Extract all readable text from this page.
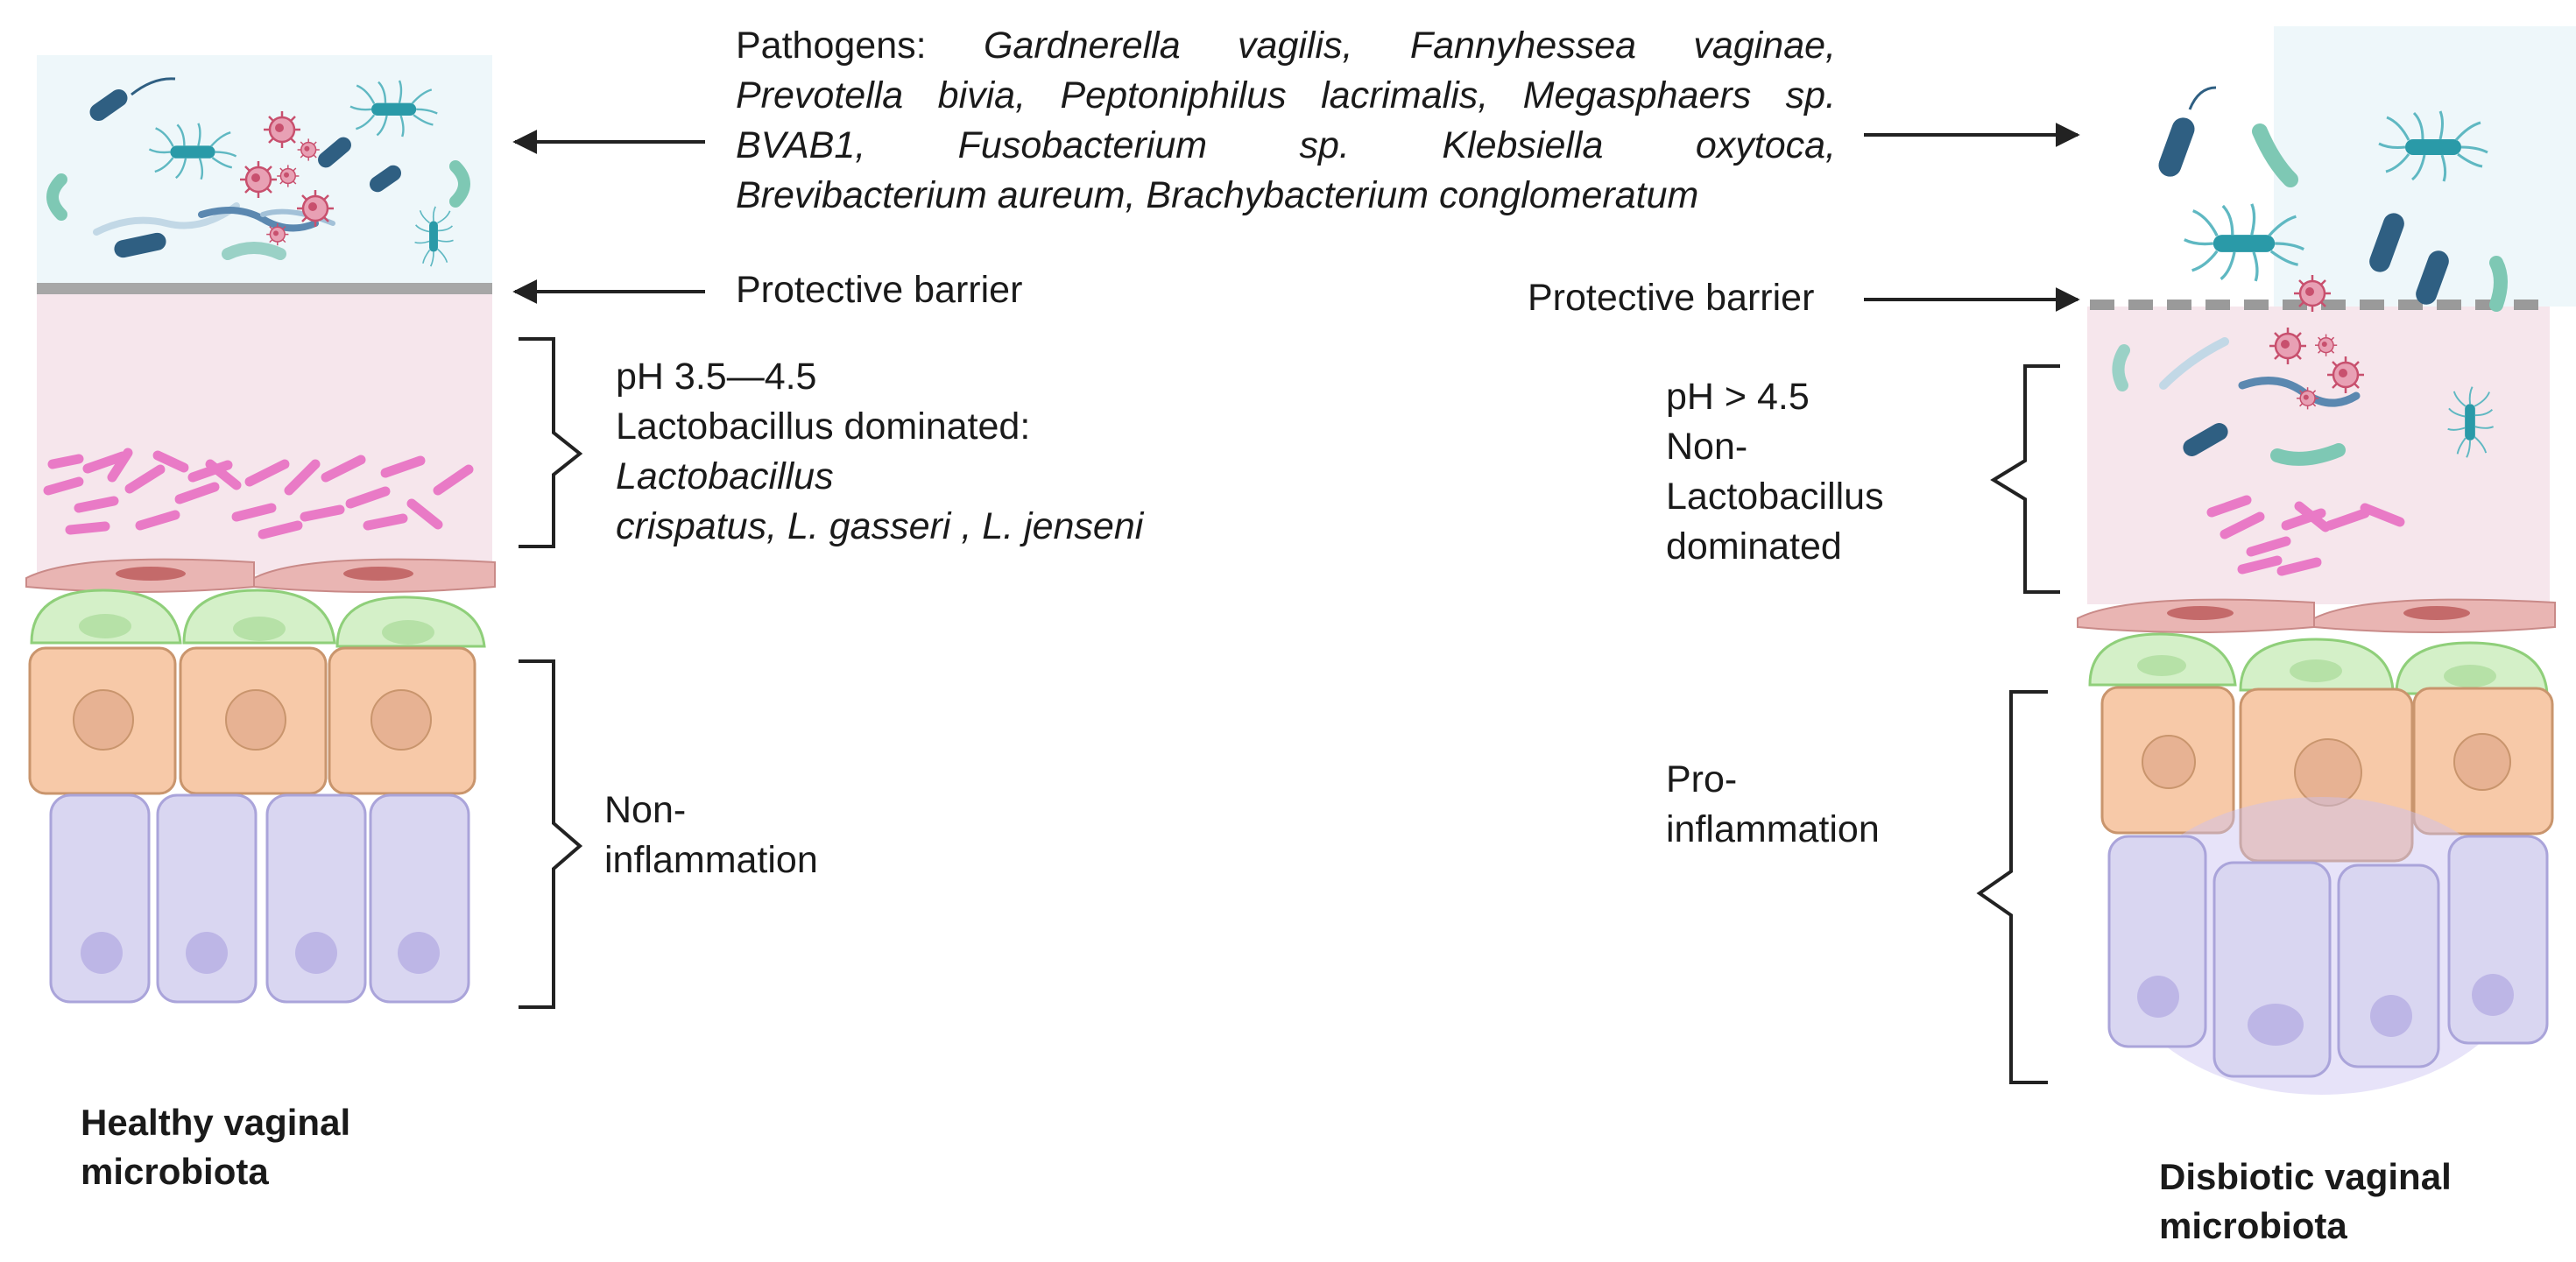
Pathogens: Gardnerella vagilis, Fannyhessea vaginae,
Prevotella bivia, Peptoniphilus lacrimalis, Megasphaers sp.
BVAB1, Fusobacterium sp. Klebsiella oxytoca,
Brevibacterium aureum, Brachybacterium conglomeratum
Protective barrier
pH 3.5—4.5
Lactobacillus dominated:
Lactobacillus
crispatus, L. gasseri , L. jenseni
Non-
inflammation
Healthy vaginal
microbiota
Protective barrier
pH > 4.5
Non-
Lactobacillus
dominated
Pro-
inflammation
Disbiotic vaginal
microbiota
